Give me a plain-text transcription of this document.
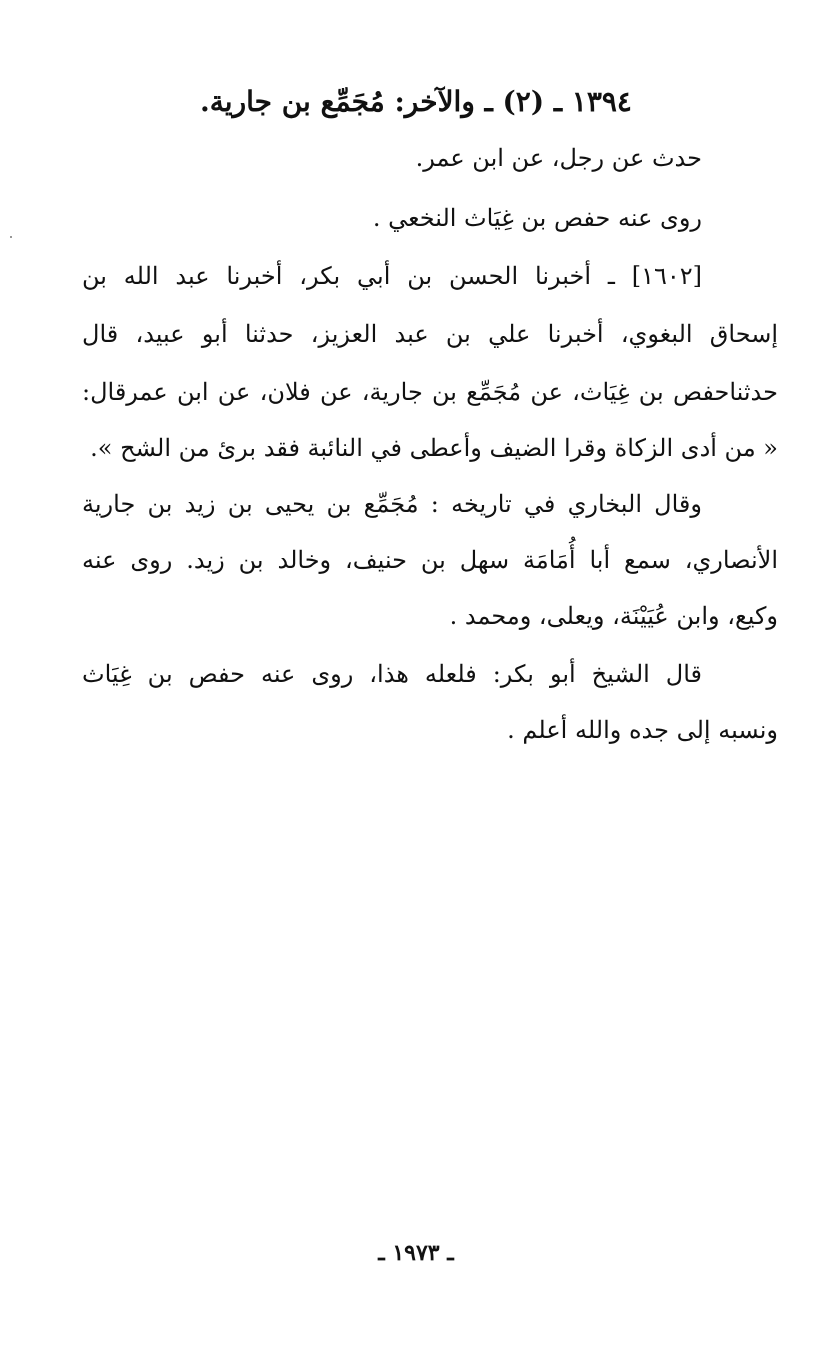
١٣٩٤ ـ (٢) ـ والآخر: مُجَمِّع بن جارية.
حدث عن رجل، عن ابن عمر.
روى عنه حفص بن غِيَاث النخعي .
[١٦٠٢] ـ أخبرنا الحسن بن أبي بكر، أخبرنا عبد الله بن
إسحاق البغوي، أخبرنا علي بن عبد العزيز، حدثنا أبو عبيد، قال
حدثناحفص بن غِيَاث، عن مُجَمِّع بن جارية، عن فلان، عن ابن عمرقال:
« من أدى الزكاة وقرا الضيف وأعطى في النائبة فقد برئ من الشح ».
وقال البخاري في تاريخه : مُجَمِّع بن يحيى بن زيد بن جارية
الأنصاري، سمع أبا أُمَامَة سهل بن حنيف، وخالد بن زيد. روى عنه
وكيع، وابن عُيَيْنَة، ويعلى، ومحمد .
قال الشيخ أبو بكر: فلعله هذا، روى عنه حفص بن غِيَاث
ونسبه إلى جده والله أعلم .
ـ ١٩٧٣ ـ
